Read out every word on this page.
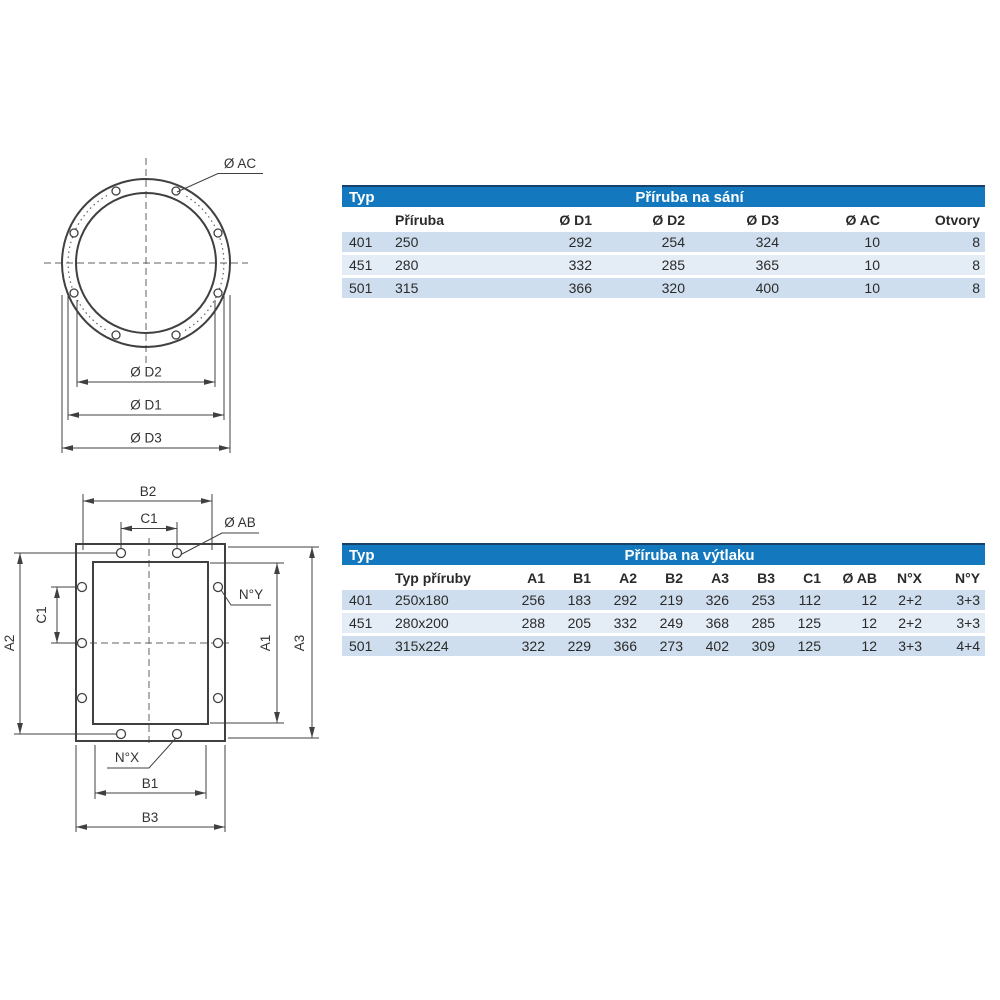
Ø AC
Ø D2
Ø D1
Ø D3
B2
C1	Ø AB
N°Y
A2
C1
A1 A3
N°X
B1
B3
Typ	Příruba na sání					
	Příruba	Ø D1	Ø D2	Ø D3	Ø AC	Otvory
401	250	292	254	324	10	8
451	280	332	285	365	10	8
501	315	366	320	400	10	8
Typ	Příruba na výtlaku										
	Typ příruby	A1	B1	A2	B2	A3	B3	C1	Ø AB	N°X	N°Y
401	250x180	256	183	292	219	326	253	112	12	2+2	3+3
451	280x200	288	205	332	249	368	285	125	12	2+2	3+3
501	315x224	322	229	366	273	402	309	125	12	3+3	4+4
